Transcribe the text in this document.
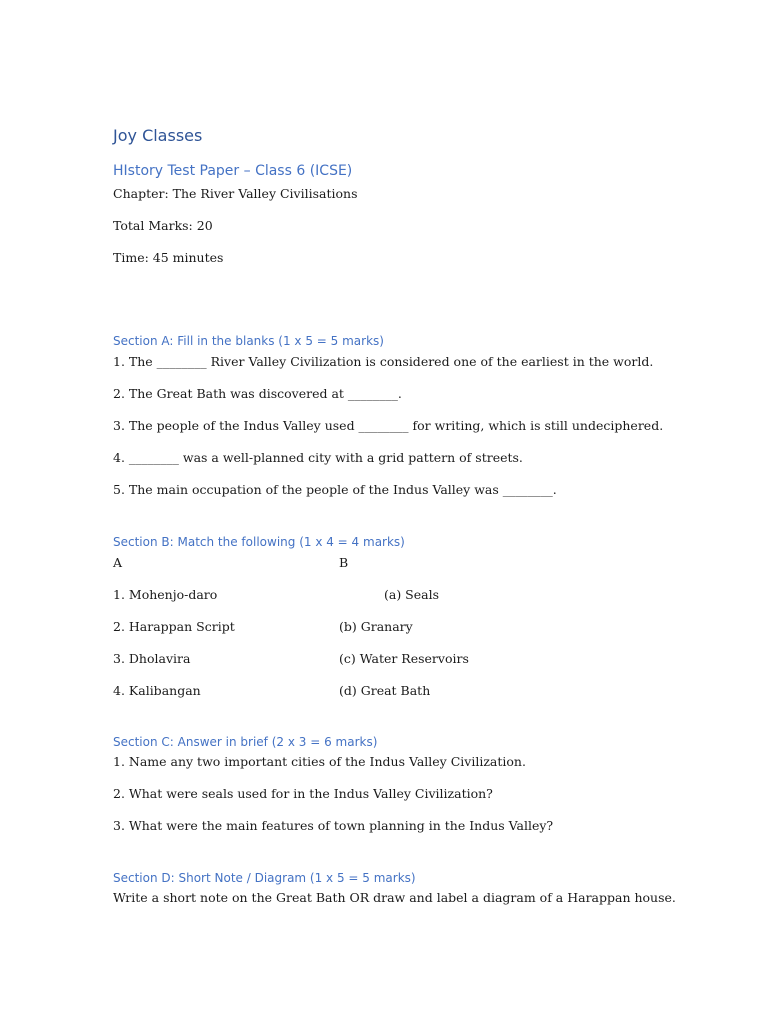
Joy Classes
HIstory Test Paper – Class 6 (ICSE)
Chapter: The River Valley Civilisations
Total Marks: 20
Time: 45 minutes
Section A: Fill in the blanks (1 x 5 = 5 marks)
1. The ________ River Valley Civilization is considered one of the earliest in the world.
2. The Great Bath was discovered at ________.
3. The people of the Indus Valley used ________ for writing, which is still undeciphered.
4. ________ was a well-planned city with a grid pattern of streets.
5. The main occupation of the people of the Indus Valley was ________.
Section B: Match the following (1 x 4 = 4 marks)
A	B
1. Mohenjo-daro	(a) Seals
2. Harappan Script	(b) Granary
3. Dholavira	(c) Water Reservoirs
4. Kalibangan	(d) Great Bath
Section C: Answer in brief (2 x 3 = 6 marks)
1. Name any two important cities of the Indus Valley Civilization.
2. What were seals used for in the Indus Valley Civilization?
3. What were the main features of town planning in the Indus Valley?
Section D: Short Note / Diagram (1 x 5 = 5 marks)
Write a short note on the Great Bath OR draw and label a diagram of a Harappan house.
